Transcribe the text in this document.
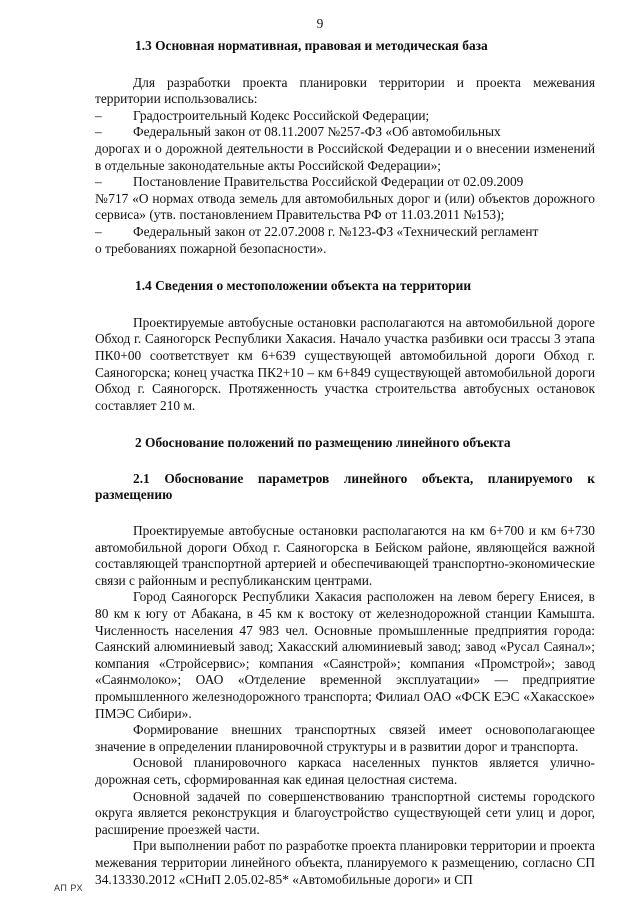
9

1.3 Основная нормативная, правовая и методическая база

Для разработки проекта планировки территории и проекта межевания территории использовались:

–	Градостроительный Кодекс Российской Федерации;
–	Федеральный закон от 08.11.2007 №257-ФЗ «Об автомобильных

дорогах и о дорожной деятельности в Российской Федерации и о внесении изменений в отдельные законодательные акты Российской Федерации»;

–	Постановление Правительства Российской Федерации от 02.09.2009

№717 «О нормах отвода земель для автомобильных дорог и (или) объектов дорожного сервиса» (утв. постановлением Правительства РФ от 11.03.2011 №153);

–	Федеральный закон от 22.07.2008 г. №123-ФЗ «Технический регламент

о требованиях пожарной безопасности».

1.4 Сведения о местоположении объекта на территории

Проектируемые автобусные остановки располагаются на автомобильной дороге Обход г. Саяногорск Республики Хакасия. Начало участка разбивки оси трассы 3 этапа ПК0+00 соответствует км 6+639 существующей автомобильной дороги Обход г. Саяногорска; конец участка ПК2+10 – км 6+849 существующей автомобильной дороги Обход г. Саяногорск. Протяженность участка строительства автобусных остановок составляет 210 м.

2 Обоснование положений по размещению линейного объекта

2.1 Обоснование параметров линейного объекта, планируемого к размещению

Проектируемые автобусные остановки располагаются на км 6+700 и км 6+730 автомобильной дороги Обход г. Саяногорска в Бейском районе, являющейся важной составляющей транспортной артерией и обеспечивающей транспортно-экономические связи с районным и республиканским центрами.

Город Саяногорск Республики Хакасия расположен на левом берегу Енисея, в 80 км к югу от Абакана, в 45 км к востоку от железнодорожной станции Камышта. Численность населения 47 983 чел. Основные промышленные предприятия города: Саянский алюминиевый завод; Хакасский алюминиевый завод; завод «Русал Саянал»; компания «Стройсервис»; компания «Саянстрой»; компания «Промстрой»; завод «Саянмолоко»; ОАО «Отделение временной эксплуатации» — предприятие промышленного железнодорожного транспорта; Филиал ОАО «ФСК ЕЭС «Хакасское» ПМЭС Сибири».

Формирование внешних транспортных связей имеет основополагающее значение в определении планировочной структуры и в развитии дорог и транспорта.

Основой планировочного каркаса населенных пунктов является улично-дорожная сеть, сформированная как единая целостная система.

Основной задачей по совершенствованию транспортной системы городского округа является реконструкция и благоустройство существующей сети улиц и дорог, расширение проезжей части.

При выполнении работ по разработке проекта планировки территории и проекта межевания территории линейного объекта, планируемого к размещению, согласно СП 34.13330.2012 «СНиП 2.05.02-85* «Автомобильные дороги» и СП

АП РХ
